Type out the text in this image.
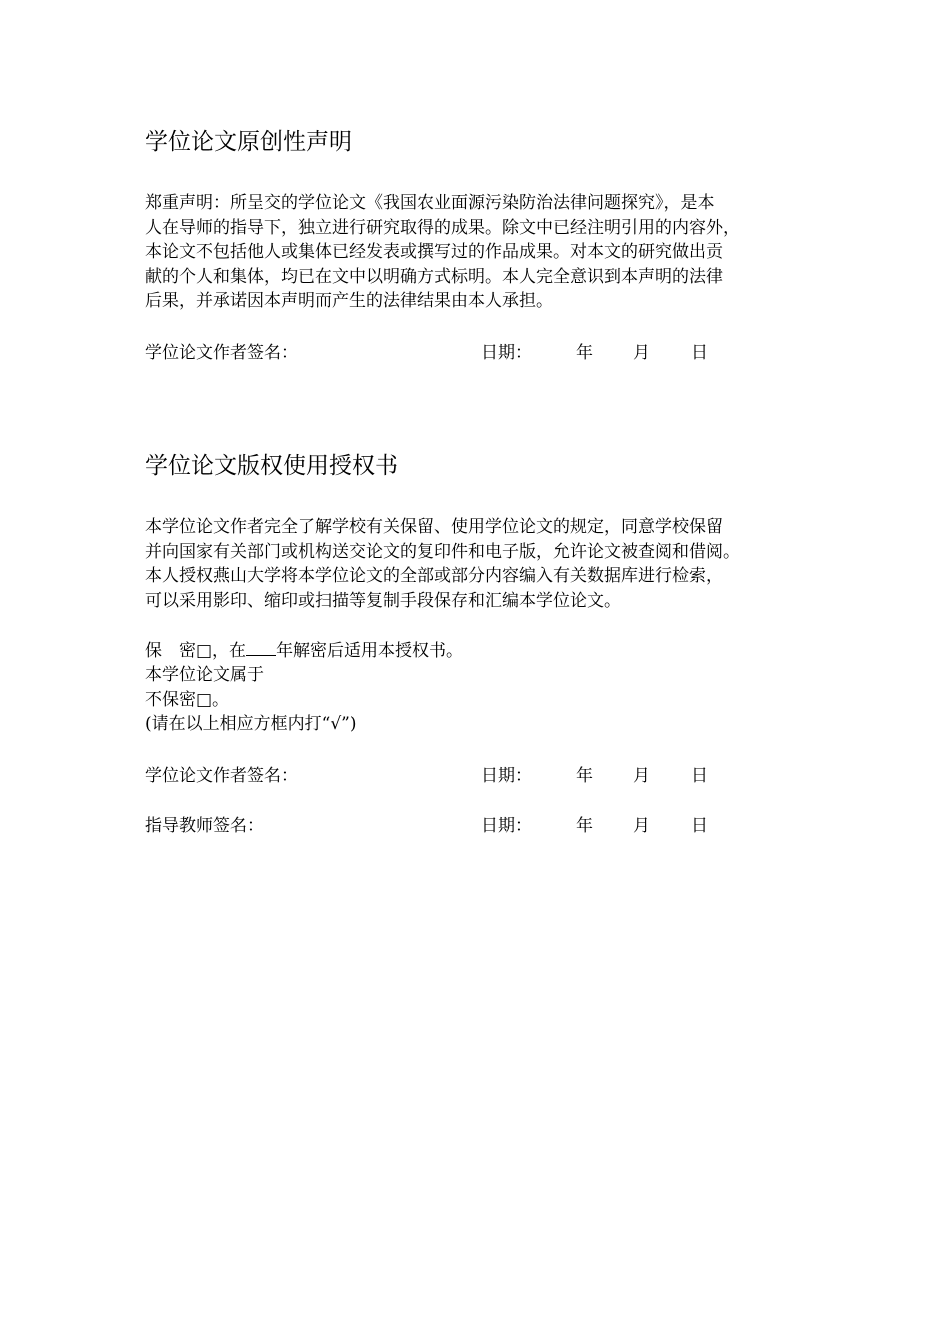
学位论文原创性声明
郑重声明：所呈交的学位论文《我国农业面源污染防治法律问题探究》，是本
人在导师的指导下，独立进行研究取得的成果。除文中已经注明引用的内容外，
本论文不包括他人或集体已经发表或撰写过的作品成果。对本文的研究做出贡
献的个人和集体，均已在文中以明确方式标明。本人完全意识到本声明的法律
后果，并承诺因本声明而产生的法律结果由本人承担。
学位论文作者签名：	日期：	年 月 日
学位论文版权使用授权书
本学位论文作者完全了解学校有关保留、使用学位论文的规定，同意学校保留
并向国家有关部门或机构送交论文的复印件和电子版，允许论文被查阅和借阅。
本人授权燕山大学将本学位论文的全部或部分内容编入有关数据库进行检索，
可以采用影印、缩印或扫描等复制手段保存和汇编本学位论文。
保　密□，在 年解密后适用本授权书。
本学位论文属于
不保密□。
(请在以上相应方框内打“√”)
学位论文作者签名：	日期：	年 月 日
指导教师签名：	日期：	年 月 日
